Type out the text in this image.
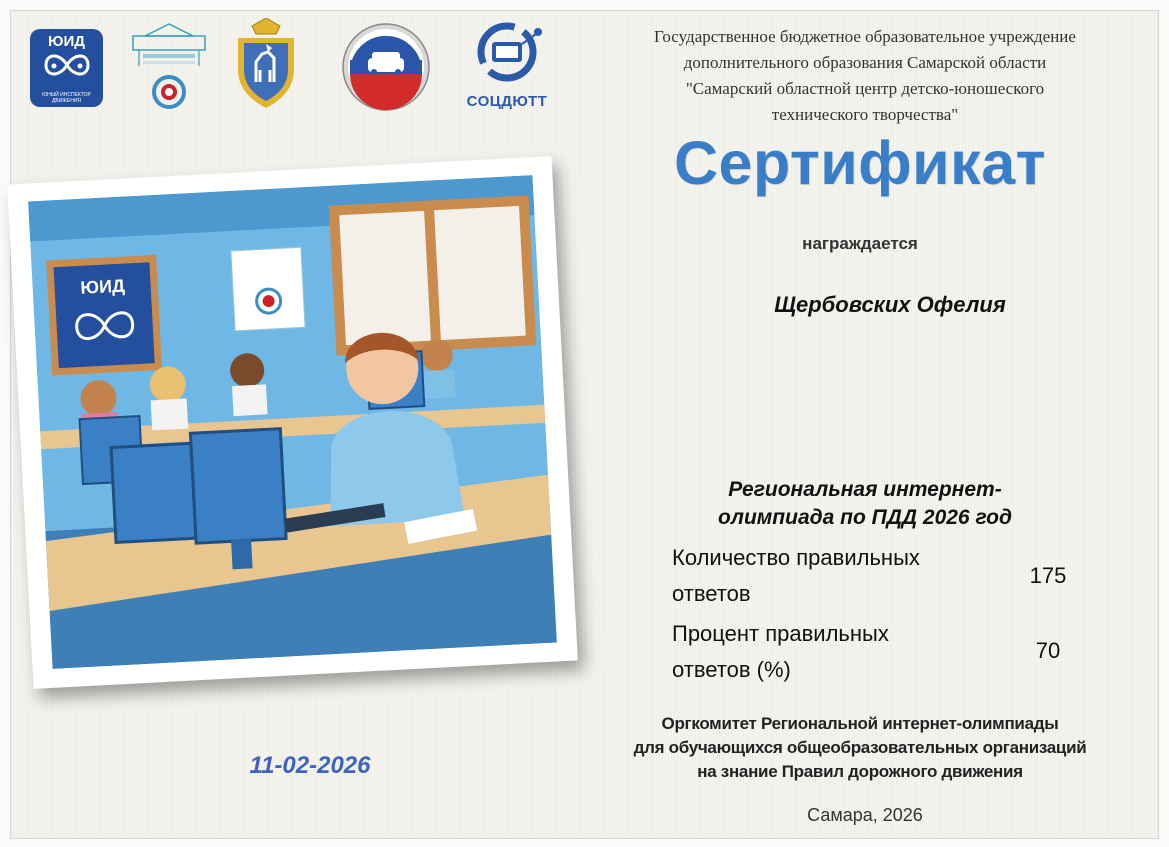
ЮИД
ЮНЫЙ ИНСПЕКТОР ДВИЖЕНИЯ	СОЦДЮТТ
Государственное бюджетное образовательное учреждение
дополнительного образования Самарской области
"Самарский областной центр детско-юношеского
технического творчества"
Сертификат
награждается
Щербовских Офелия
Региональная интернет-
олимпиада по ПДД 2026 год
Количество правильных
ответов
175
Процент правильных
ответов (%)
70
Оргкомитет Региональной интернет-олимпиады
для обучающихся общеобразовательных организаций
на знание Правил дорожного движения
Самара, 2026
11-02-2026
ЮИД
